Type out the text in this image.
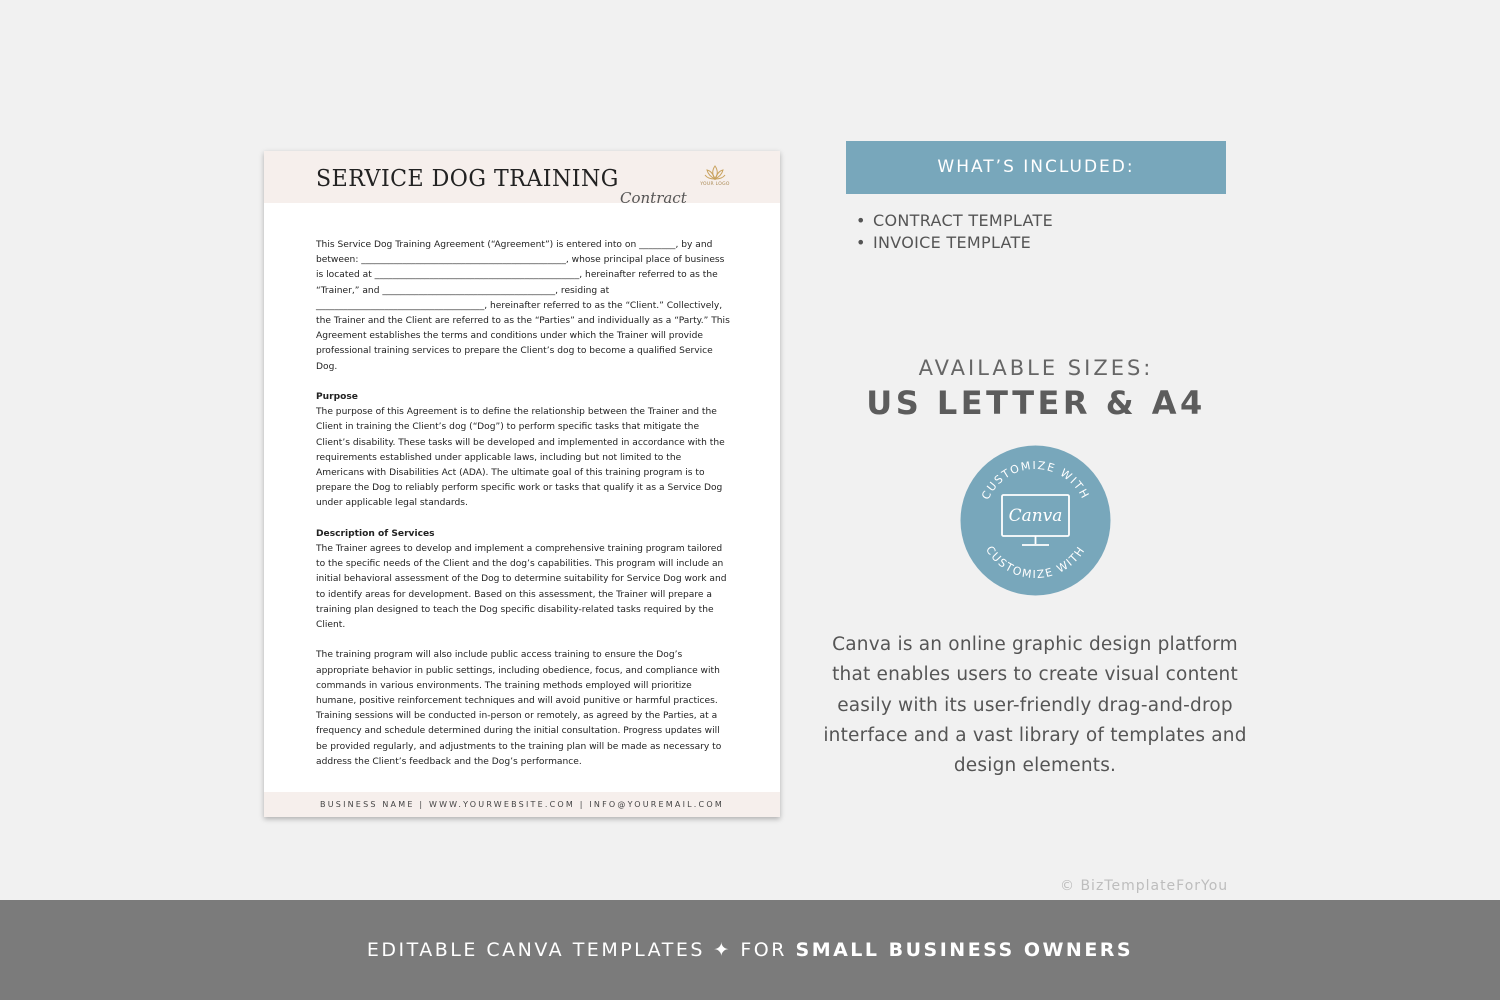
SERVICE DOG TRAINING
Contract
YOUR LOGO

This Service Dog Training Agreement (“Agreement”) is entered into on ________, by and between: _____________________________________________, whose principal place of business is located at _____________________________________________, hereinafter referred to as the “Trainer,” and ______________________________________, residing at _____________________________________, hereinafter referred to as the “Client.” Collectively, the Trainer and the Client are referred to as the “Parties” and individually as a “Party.” This Agreement establishes the terms and conditions under which the Trainer will provide professional training services to prepare the Client’s dog to become a qualified Service Dog.

Purpose
The purpose of this Agreement is to define the relationship between the Trainer and the Client in training the Client’s dog (“Dog”) to perform specific tasks that mitigate the Client’s disability. These tasks will be developed and implemented in accordance with the requirements established under applicable laws, including but not limited to the Americans with Disabilities Act (ADA). The ultimate goal of this training program is to prepare the Dog to reliably perform specific work or tasks that qualify it as a Service Dog under applicable legal standards.

Description of Services
The Trainer agrees to develop and implement a comprehensive training program tailored to the specific needs of the Client and the dog’s capabilities. This program will include an initial behavioral assessment of the Dog to determine suitability for Service Dog work and to identify areas for development. Based on this assessment, the Trainer will prepare a training plan designed to teach the Dog specific disability-related tasks required by the Client.

The training program will also include public access training to ensure the Dog’s appropriate behavior in public settings, including obedience, focus, and compliance with commands in various environments. The training methods employed will prioritize humane, positive reinforcement techniques and will avoid punitive or harmful practices. Training sessions will be conducted in-person or remotely, as agreed by the Parties, at a frequency and schedule determined during the initial consultation. Progress updates will be provided regularly, and adjustments to the training plan will be made as necessary to address the Client’s feedback and the Dog’s performance.

BUSINESS NAME | WWW.YOURWEBSITE.COM | INFO@YOUREMAIL.COM
WHAT’S INCLUDED:
• CONTRACT TEMPLATE
• INVOICE TEMPLATE
AVAILABLE SIZES:
US LETTER & A4
CUSTOMIZE WITH
CUSTOMIZE WITH
Canva
Canva is an online graphic design platform that enables users to create visual content easily with its user-friendly drag-and-drop interface and a vast library of templates and design elements.
© BizTemplateForYou
EDITABLE CANVA TEMPLATES ✦ FOR SMALL BUSINESS OWNERS
